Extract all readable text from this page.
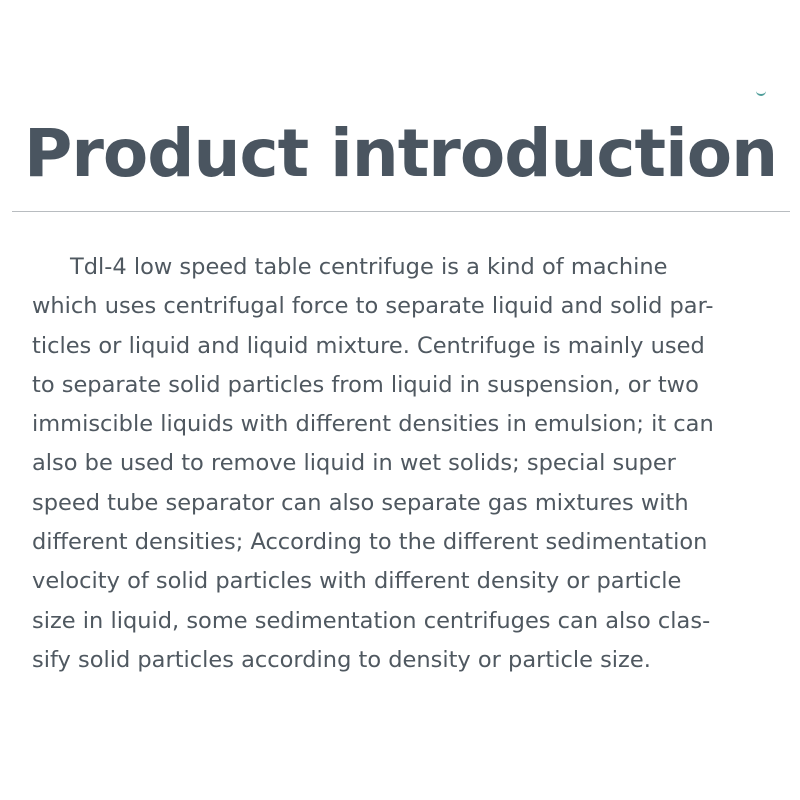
Product introduction

Tdl-4 low speed table centrifuge is a kind of machine
which uses centrifugal force to separate liquid and solid par-
ticles or liquid and liquid mixture. Centrifuge is mainly used
to separate solid particles from liquid in suspension, or two
immiscible liquids with different densities in emulsion; it can
also be used to remove liquid in wet solids; special super
speed tube separator can also separate gas mixtures with
different densities; According to the different sedimentation
velocity of solid particles with different density or particle
size in liquid, some sedimentation centrifuges can also clas-
sify solid particles according to density or particle size.
